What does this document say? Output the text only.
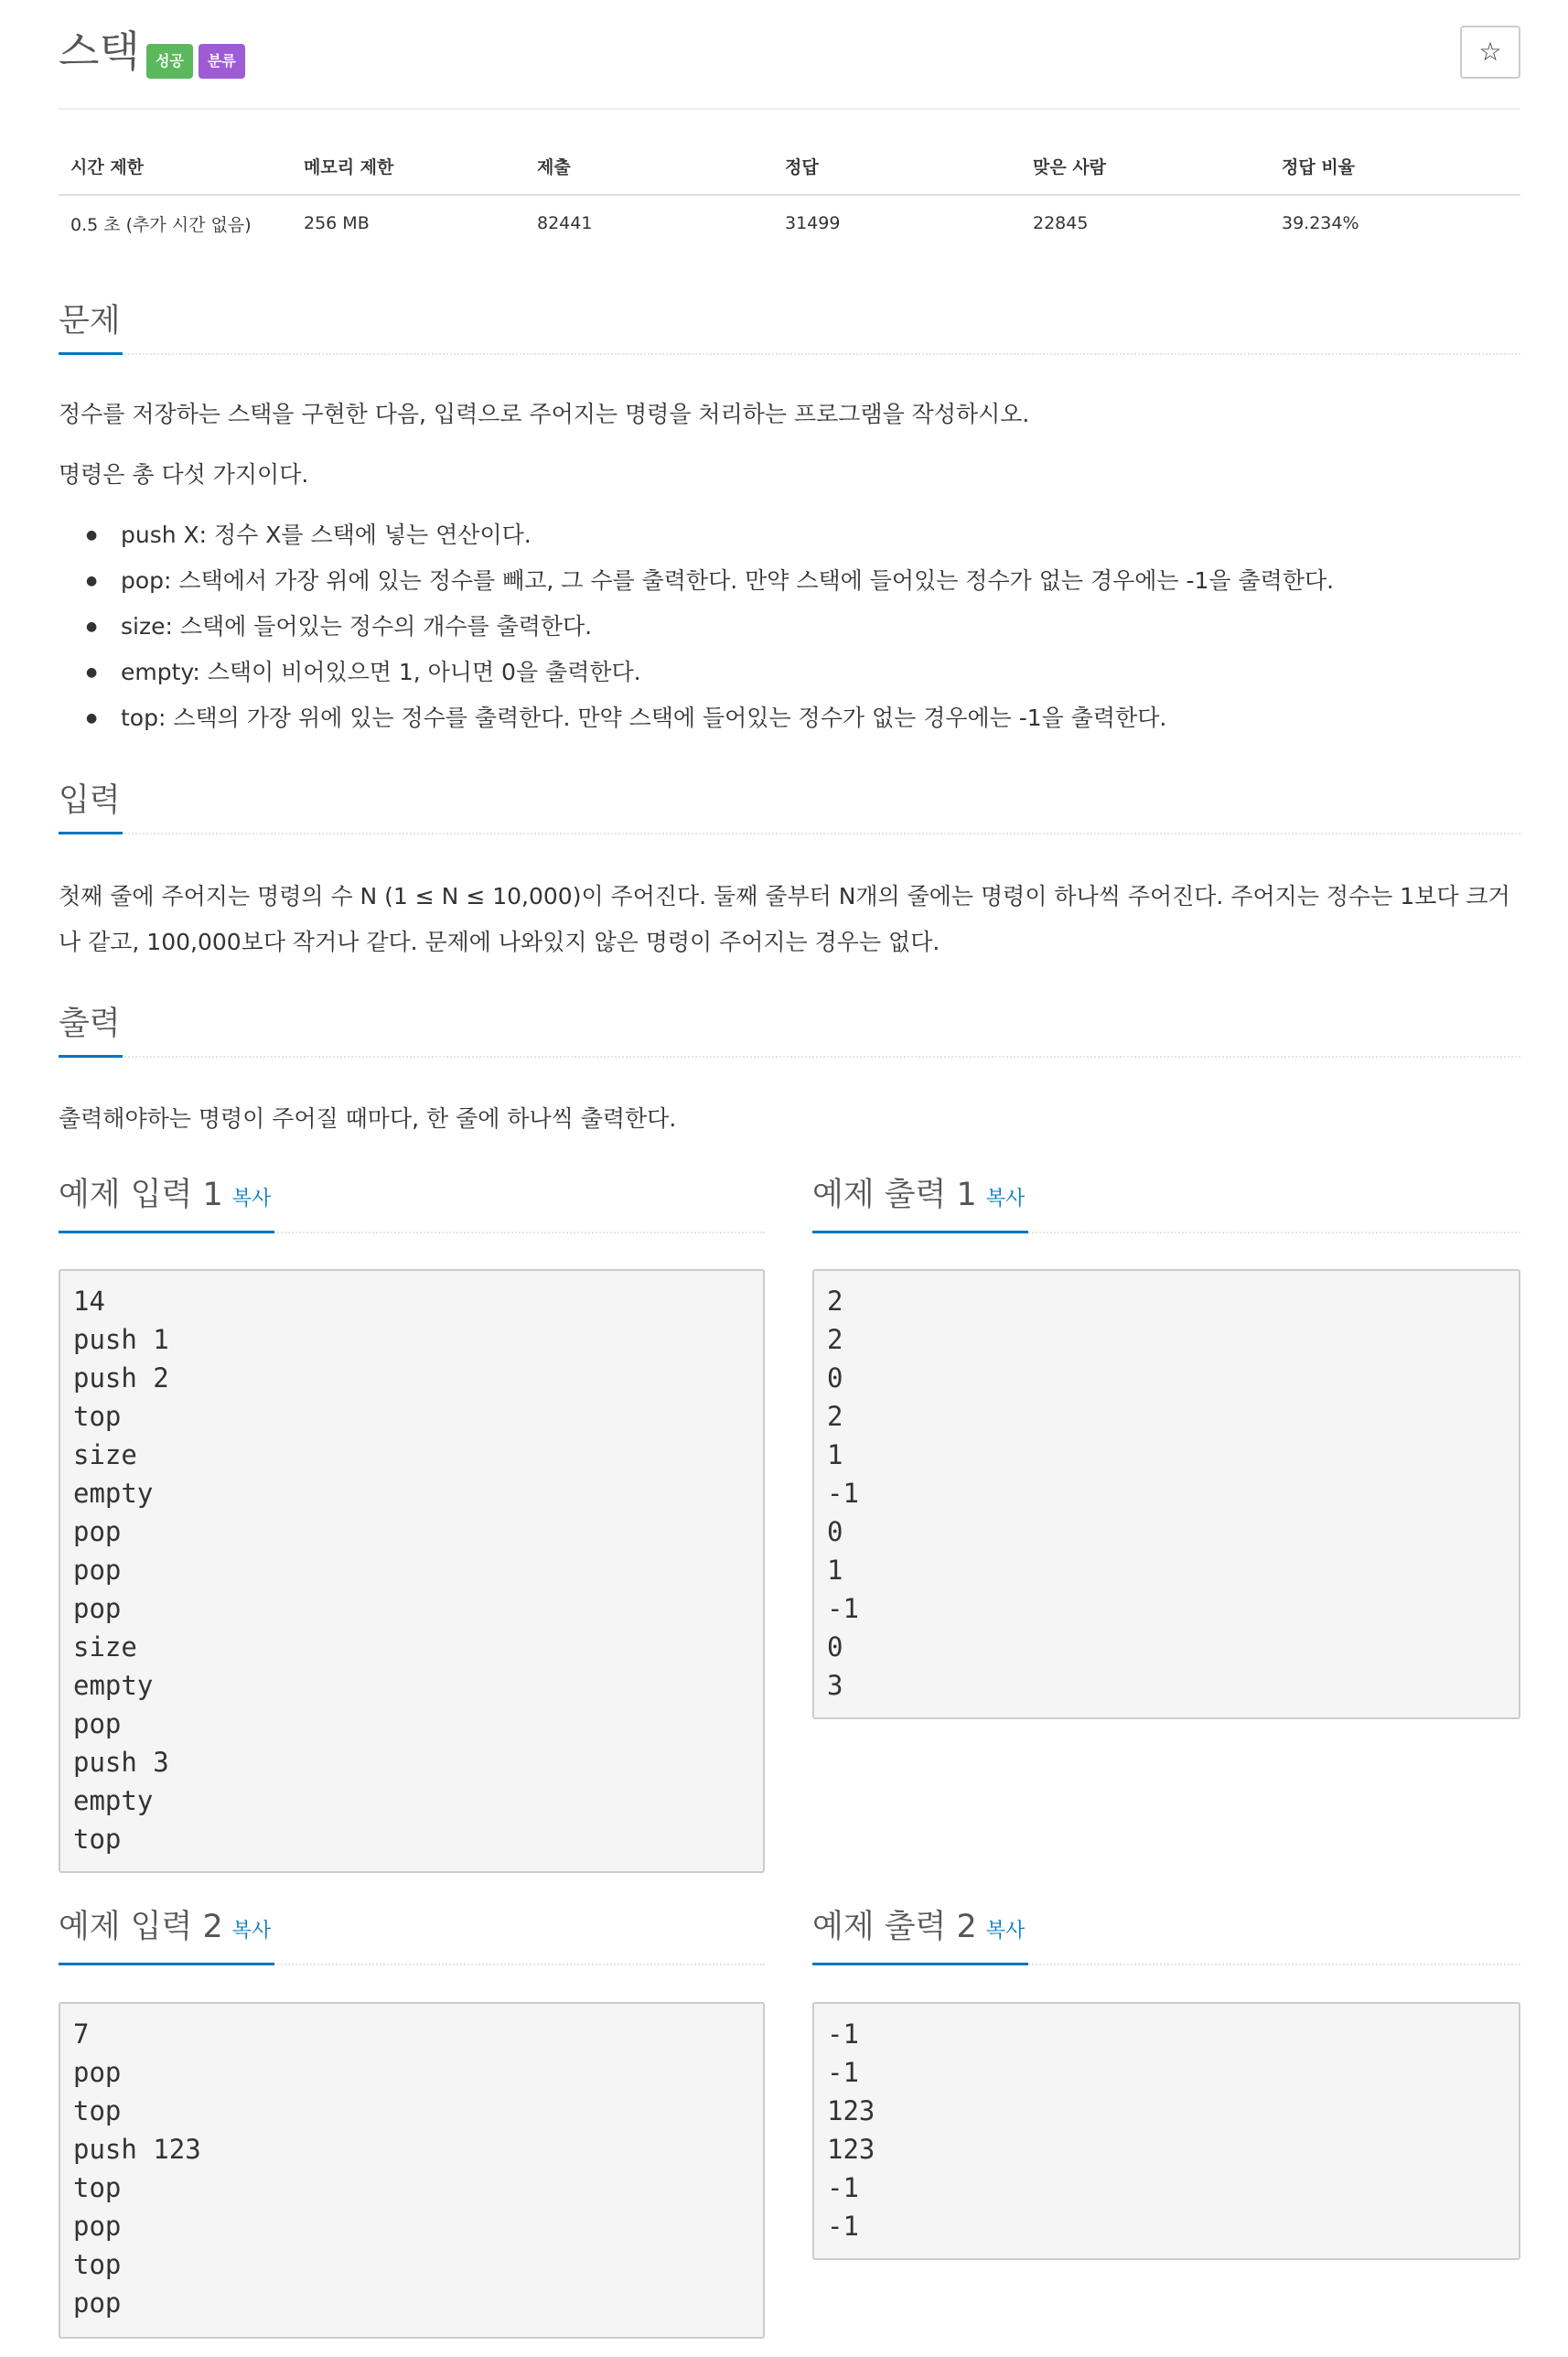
스택	성공	분류	☆
시간 제한	메모리 제한	제출	정답	맞은 사람	정답 비율
0.5 초 (추가 시간 없음)	256 MB	82441	31499	22845	39.234%
문제

정수를 저장하는 스택을 구현한 다음, 입력으로 주어지는 명령을 처리하는 프로그램을 작성하시오.

명령은 총 다섯 가지이다.

● push X: 정수 X를 스택에 넣는 연산이다.
● pop: 스택에서 가장 위에 있는 정수를 빼고, 그 수를 출력한다. 만약 스택에 들어있는 정수가 없는 경우에는 -1을 출력한다.
● size: 스택에 들어있는 정수의 개수를 출력한다.
● empty: 스택이 비어있으면 1, 아니면 0을 출력한다.
● top: 스택의 가장 위에 있는 정수를 출력한다. 만약 스택에 들어있는 정수가 없는 경우에는 -1을 출력한다.
입력

첫째 줄에 주어지는 명령의 수 N (1 ≤ N ≤ 10,000)이 주어진다. 둘째 줄부터 N개의 줄에는 명령이 하나씩 주어진다. 주어지는 정수는 1보다 크거나 같고, 100,000보다 작거나 같다. 문제에 나와있지 않은 명령이 주어지는 경우는 없다.

출력

출력해야하는 명령이 주어질 때마다, 한 줄에 하나씩 출력한다.

예제 입력 1 복사	예제 출력 1 복사
14
push 1
push 2
top
size
empty
pop
pop
pop
size
empty
pop
push 3
empty
top
2
2
0
2
1
-1
0
1
-1
0
3
예제 입력 2 복사	예제 출력 2 복사
7
pop
top
push 123
top
pop
top
pop
-1
-1
123
123
-1
-1
